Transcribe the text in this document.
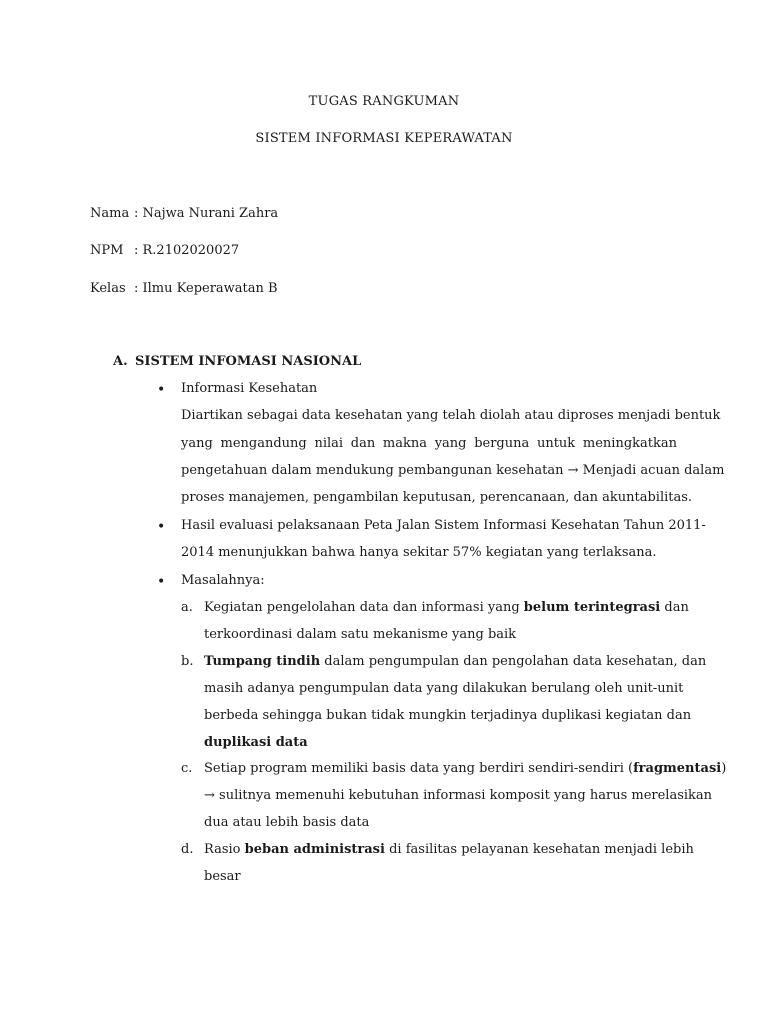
TUGAS RANGKUMAN
SISTEM INFORMASI KEPERAWATAN
Nama : Najwa Nurani Zahra
NPM : R.2102020027
Kelas : Ilmu Keperawatan B
A. SISTEM INFOMASI NASIONAL
• Informasi Kesehatan
Diartikan sebagai data kesehatan yang telah diolah atau diproses menjadi bentuk
yang mengandung nilai dan makna yang berguna untuk meningkatkan
pengetahuan dalam mendukung pembangunan kesehatan → Menjadi acuan dalam
proses manajemen, pengambilan keputusan, perencanaan, dan akuntabilitas.
• Hasil evaluasi pelaksanaan Peta Jalan Sistem Informasi Kesehatan Tahun 2011-
2014 menunjukkan bahwa hanya sekitar 57% kegiatan yang terlaksana.
• Masalahnya:
a. Kegiatan pengelolahan data dan informasi yang belum terintegrasi dan
terkoordinasi dalam satu mekanisme yang baik
b. Tumpang tindih dalam pengumpulan dan pengolahan data kesehatan, dan
masih adanya pengumpulan data yang dilakukan berulang oleh unit-unit
berbeda sehingga bukan tidak mungkin terjadinya duplikasi kegiatan dan
duplikasi data
c. Setiap program memiliki basis data yang berdiri sendiri-sendiri (fragmentasi)
→ sulitnya memenuhi kebutuhan informasi komposit yang harus merelasikan
dua atau lebih basis data
d. Rasio beban administrasi di fasilitas pelayanan kesehatan menjadi lebih
besar
